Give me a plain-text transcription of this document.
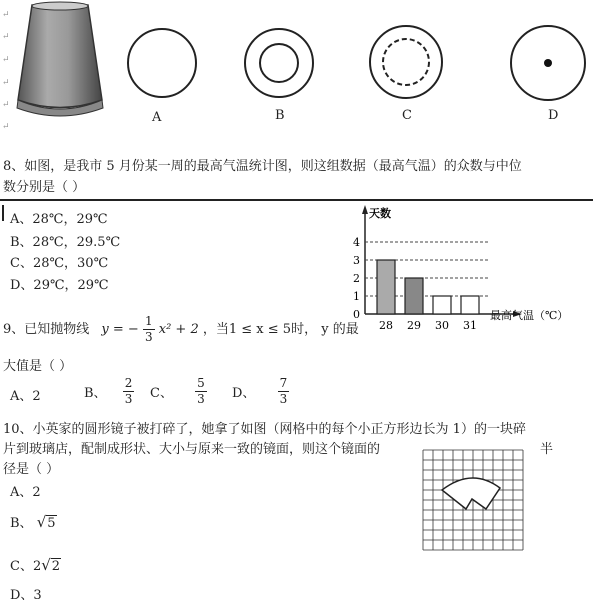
A	B	C	D
8、如图，是我市 5 月份某一周的最高气温统计图，则这组数据（最高气温）的众数与中位
数分别是（ ）
A、28℃，29℃
B、28℃，29.5℃
C、28℃，30℃
D、29℃，29℃
天数
最高气温（℃）
0
1
2
3
4
28 29 30 31
9、已知抛物线 y = − $\frac{1}{3} x^2 + 2$ ，当1 ≤ x ≤ 5时， y 的最
大值是（ ）
A、2	B、 $\frac{2}{3}$ C、 $\frac{5}{3}$ D、 $\frac{7}{3}$
10、小英家的圆形镜子被打碎了，她拿了如图（网格中的每个小正方形边长为 1）的一块碎
片到玻璃店，配制成形状、大小与原来一致的镜面，则这个镜面的	半
径是（ ）
A、2
B、 √5
C、2√2
D、3
↵
↵
↵
↵
↵
↵
